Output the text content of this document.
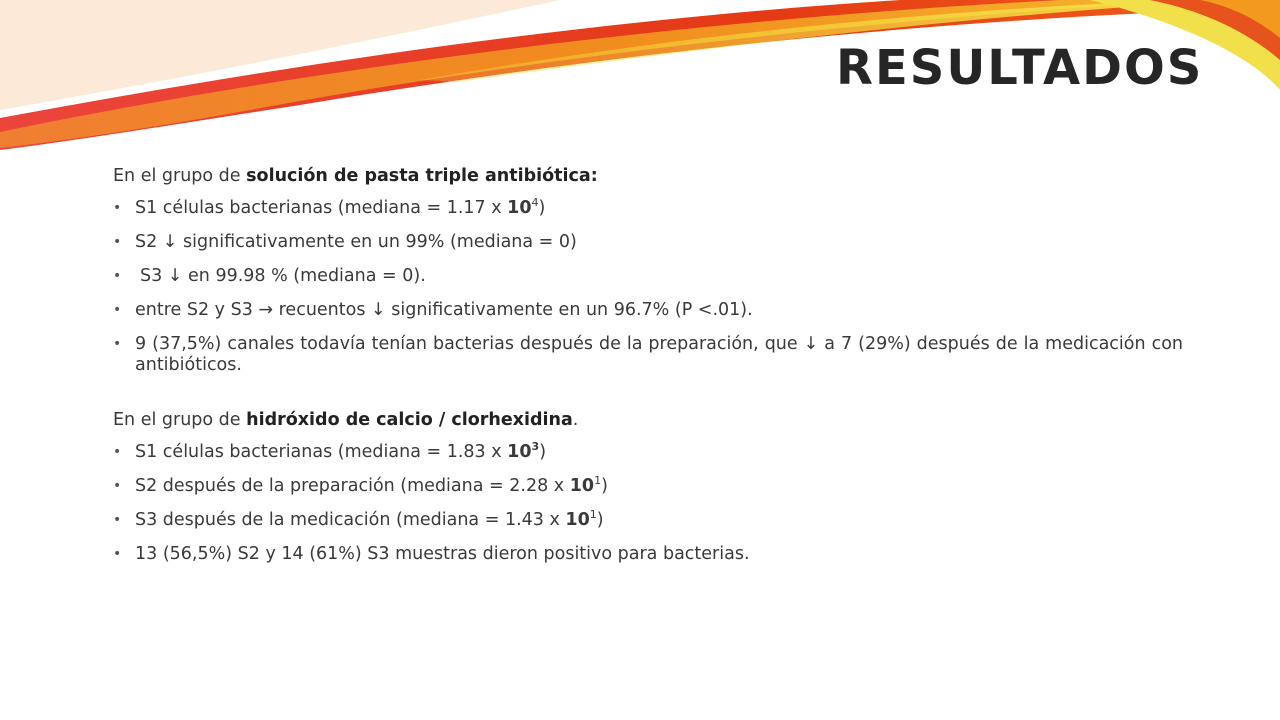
RESULTADOS

En el grupo de solución de pasta triple antibiótica:

• S1 células bacterianas (mediana = 1.17 x $10^4$)
• S2 ↓ significativamente en un 99% (mediana = 0)
• S3 ↓ en 99.98 % (mediana = 0).
• entre S2 y S3 → recuentos ↓ significativamente en un 96.7% (P <.01).
• 9 (37,5%) canales todavía tenían bacterias después de la preparación, que ↓ a 7 (29%) después de la medicación con antibióticos.

En el grupo de hidróxido de calcio / clorhexidina.

• S1 células bacterianas (mediana = 1.83 x $10^3$)
• S2 después de la preparación (mediana = 2.28 x $10^1$)
• S3 después de la medicación (mediana = 1.43 x $10^1$)
• 13 (56,5%) S2 y 14 (61%) S3 muestras dieron positivo para bacterias.
